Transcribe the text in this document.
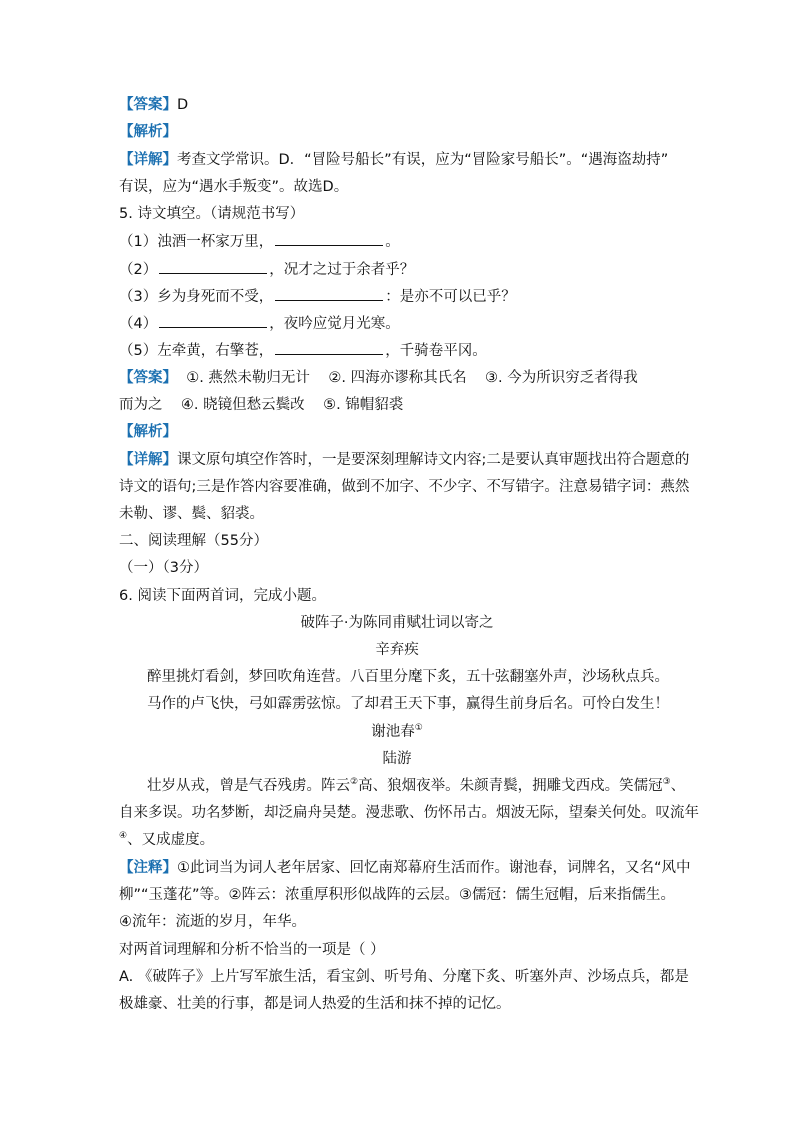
【答案】D
【解析】
【详解】考查文学常识。D．“冒险号船长”有误，应为“冒险家号船长”。“遇海盗劫持”
有误，应为“遇水手叛变”。故选D。
5. 诗文填空。（请规范书写）
（1）浊酒一杯家万里，	。
（2）	，况才之过于余者乎？
（3）乡为身死而不受，	：是亦不可以已乎？
（4）	，夜吟应觉月光寒。
（5）左牵黄，右擎苍，	，千骑卷平冈。
【答案】  ①. 燕然未勒归无计    ②. 四海亦谬称其氏名    ③. 今为所识穷乏者得我
而为之    ④. 晓镜但愁云鬓改    ⑤. 锦帽貂裘
【解析】
【详解】课文原句填空作答时，一是要深刻理解诗文内容;二是要认真审题找出符合题意的
诗文的语句;三是作答内容要准确，做到不加字、不少字、不写错字。注意易错字词：燕然
未勒、谬、鬓、貂裘。
二、阅读理解（55分）
（一）（3分）
6. 阅读下面两首词，完成小题。
破阵子·为陈同甫赋壮词以寄之
辛弃疾
醉里挑灯看剑，梦回吹角连营。八百里分麾下炙，五十弦翻塞外声，沙场秋点兵。
马作的卢飞快，弓如霹雳弦惊。了却君王天下事，赢得生前身后名。可怜白发生！
谢池春①
陆游
壮岁从戎，曾是气吞残虏。阵云②高、狼烟夜举。朱颜青鬓，拥雕戈西戍。笑儒冠③、
自来多误。功名梦断，却泛扁舟吴楚。漫悲歌、伤怀吊古。烟波无际，望秦关何处。叹流年
④、又成虚度。
【注释】①此词当为词人老年居家、回忆南郑幕府生活而作。谢池春，词牌名，又名“风中
柳”“玉蓬花”等。②阵云：浓重厚积形似战阵的云层。③儒冠：儒生冠帽，后来指儒生。
④流年：流逝的岁月，年华。
对两首词理解和分析不恰当的一项是（ ）
A. 《破阵子》上片写军旅生活，看宝剑、听号角、分麾下炙、听塞外声、沙场点兵，都是
极雄豪、壮美的行事，都是词人热爱的生活和抹不掉的记忆。
